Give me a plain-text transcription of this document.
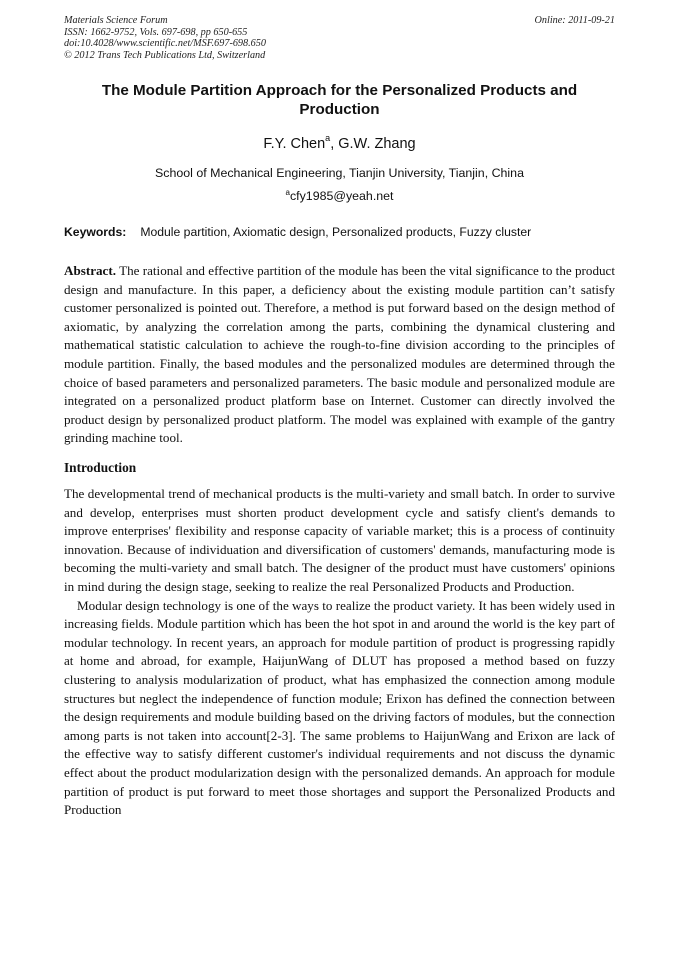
Materials Science Forum
ISSN: 1662-9752, Vols. 697-698, pp 650-655
doi:10.4028/www.scientific.net/MSF.697-698.650
© 2012 Trans Tech Publications Ltd, Switzerland
Online: 2011-09-21
The Module Partition Approach for the Personalized Products and Production
F.Y. Chen$^a$, G.W. Zhang
School of Mechanical Engineering, Tianjin University, Tianjin, China
$^a$cfy1985@yeah.net
Keywords: Module partition, Axiomatic design, Personalized products, Fuzzy cluster
Abstract. The rational and effective partition of the module has been the vital significance to the product design and manufacture. In this paper, a deficiency about the existing module partition can’t satisfy customer personalized is pointed out. Therefore, a method is put forward based on the design method of axiomatic, by analyzing the correlation among the parts, combining the dynamical clustering and mathematical statistic calculation to achieve the rough-to-fine division according to the principles of module partition. Finally, the based modules and the personalized modules are determined through the choice of based parameters and personalized parameters. The basic module and personalized module are integrated on a personalized product platform base on Internet. Customer can directly involved the product design by personalized product platform. The model was explained with example of the gantry grinding machine tool.
Introduction

The developmental trend of mechanical products is the multi-variety and small batch. In order to survive and develop, enterprises must shorten product development cycle and satisfy client's demands to improve enterprises' flexibility and response capacity of variable market; this is a process of continuity innovation. Because of individuation and diversification of customers' demands, manufacturing mode is becoming the multi-variety and small batch. The designer of the product must have customers' opinions in mind during the design stage, seeking to realize the real Personalized Products and Production.

Modular design technology is one of the ways to realize the product variety. It has been widely used in increasing fields. Module partition which has been the hot spot in and around the world is the key part of modular technology. In recent years, an approach for module partition of product is progressing rapidly at home and abroad, for example, HaijunWang of DLUT has proposed a method based on fuzzy clustering to analysis modularization of product, what has emphasized the connection among module structures but neglect the independence of function module; Erixon has defined the connection between the design requirements and module building based on the driving factors of modules, but the connection among parts is not taken into account[2-3]. The same problems to HaijunWang and Erixon are lack of the effective way to satisfy different customer's individual requirements and not discuss the dynamic effect about the product modularization design with the personalized demands. An approach for module partition of product is put forward to meet those shortages and support the Personalized Products and Production
